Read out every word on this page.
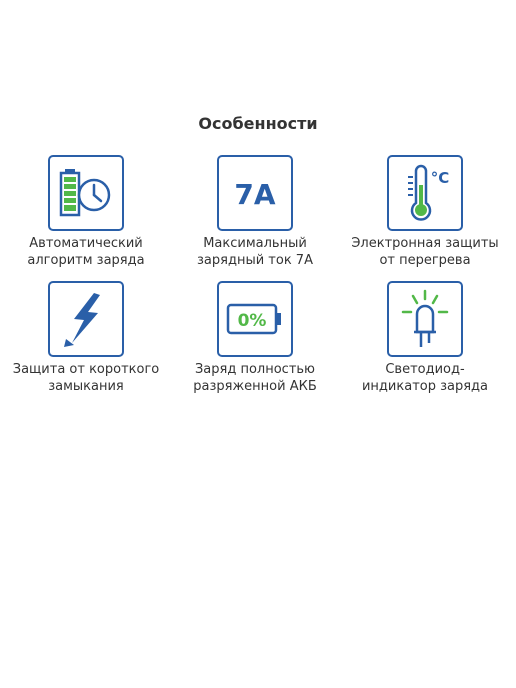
Особенности
Автоматический
алгоритм заряда
7A
Максимальный
зарядный ток 7А
°C
Электронная защиты
от перегрева
Защита от короткого
замыкания
0%
Заряд полностью
разряженной АКБ
Светодиод-
индикатор заряда
